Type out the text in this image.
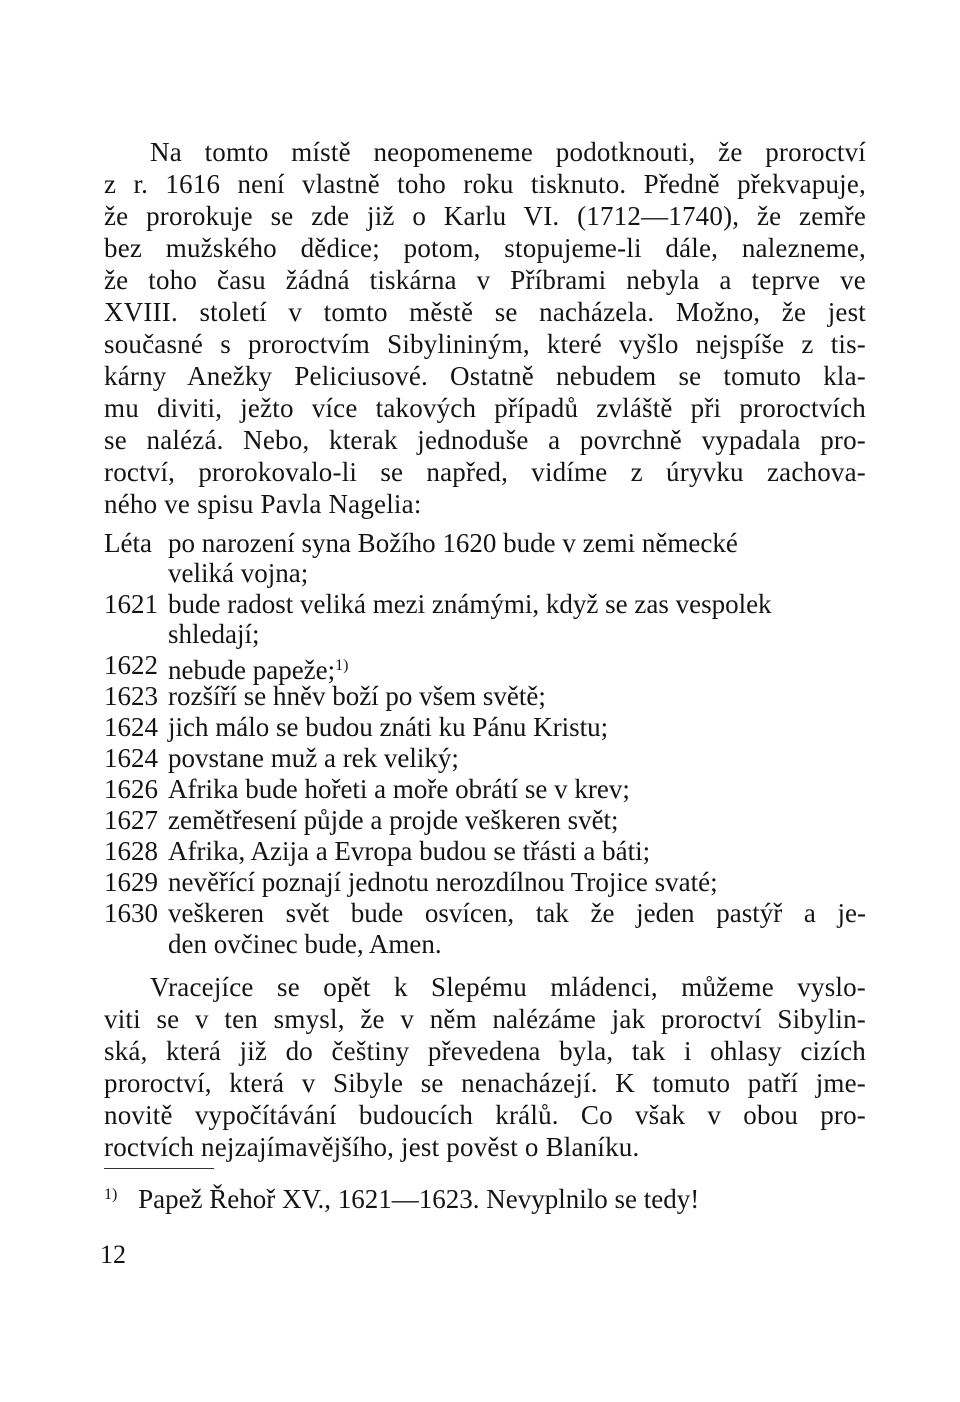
Na tomto místě neopomeneme podotknouti, že proroctví
z r. 1616 není vlastně toho roku tisknuto. Předně překvapuje,
že prorokuje se zde již o Karlu VI. (1712—1740), že zemře
bez mužského dědice; potom, stopujeme-li dále, nalezneme,
že toho času žádná tiskárna v Příbrami nebyla a teprve ve
XVIII. století v tomto městě se nacházela. Možno, že jest
současné s proroctvím Sibylininým, které vyšlo nejspíše z tis-
kárny Anežky Peliciusové. Ostatně nebudem se tomuto kla-
mu diviti, ježto více takových případů zvláště při proroctvích
se nalézá. Nebo, kterak jednoduše a povrchně vypadala pro-
roctví, prorokovalo-li se napřed, vidíme z úryvku zachova-
ného ve spisu Pavla Nagelia:
Léta po narození syna Božího 1620 bude v zemi německé
veliká vojna;
1621 bude radost veliká mezi známými, když se zas vespolek
shledají;
1622 nebude papeže;$^{1)}$
1623 rozšíří se hněv boží po všem světě;
1624 jich málo se budou znáti ku Pánu Kristu;
1624 povstane muž a rek veliký;
1626 Afrika bude hořeti a moře obrátí se v krev;
1627 zemětřesení půjde a projde veškeren svět;
1628 Afrika, Azija a Evropa budou se třásti a báti;
1629 nevěřící poznají jednotu nerozdílnou Trojice svaté;
1630 veškeren svět bude osvícen, tak že jeden pastýř a je-
den ovčinec bude, Amen.
Vracejíce se opět k Slepému mládenci, můžeme vyslo-
viti se v ten smysl, že v něm nalézáme jak proroctví Sibylin-
ská, která již do češtiny převedena byla, tak i ohlasy cizích
proroctví, která v Sibyle se nenacházejí. K tomuto patří jme-
novitě vypočítávání budoucích králů. Co však v obou pro-
roctvích nejzajímavějšího, jest pověst o Blaníku.
$^{1)}$ Papež Řehoř XV., 1621—1623. Nevyplnilo se tedy!
12
